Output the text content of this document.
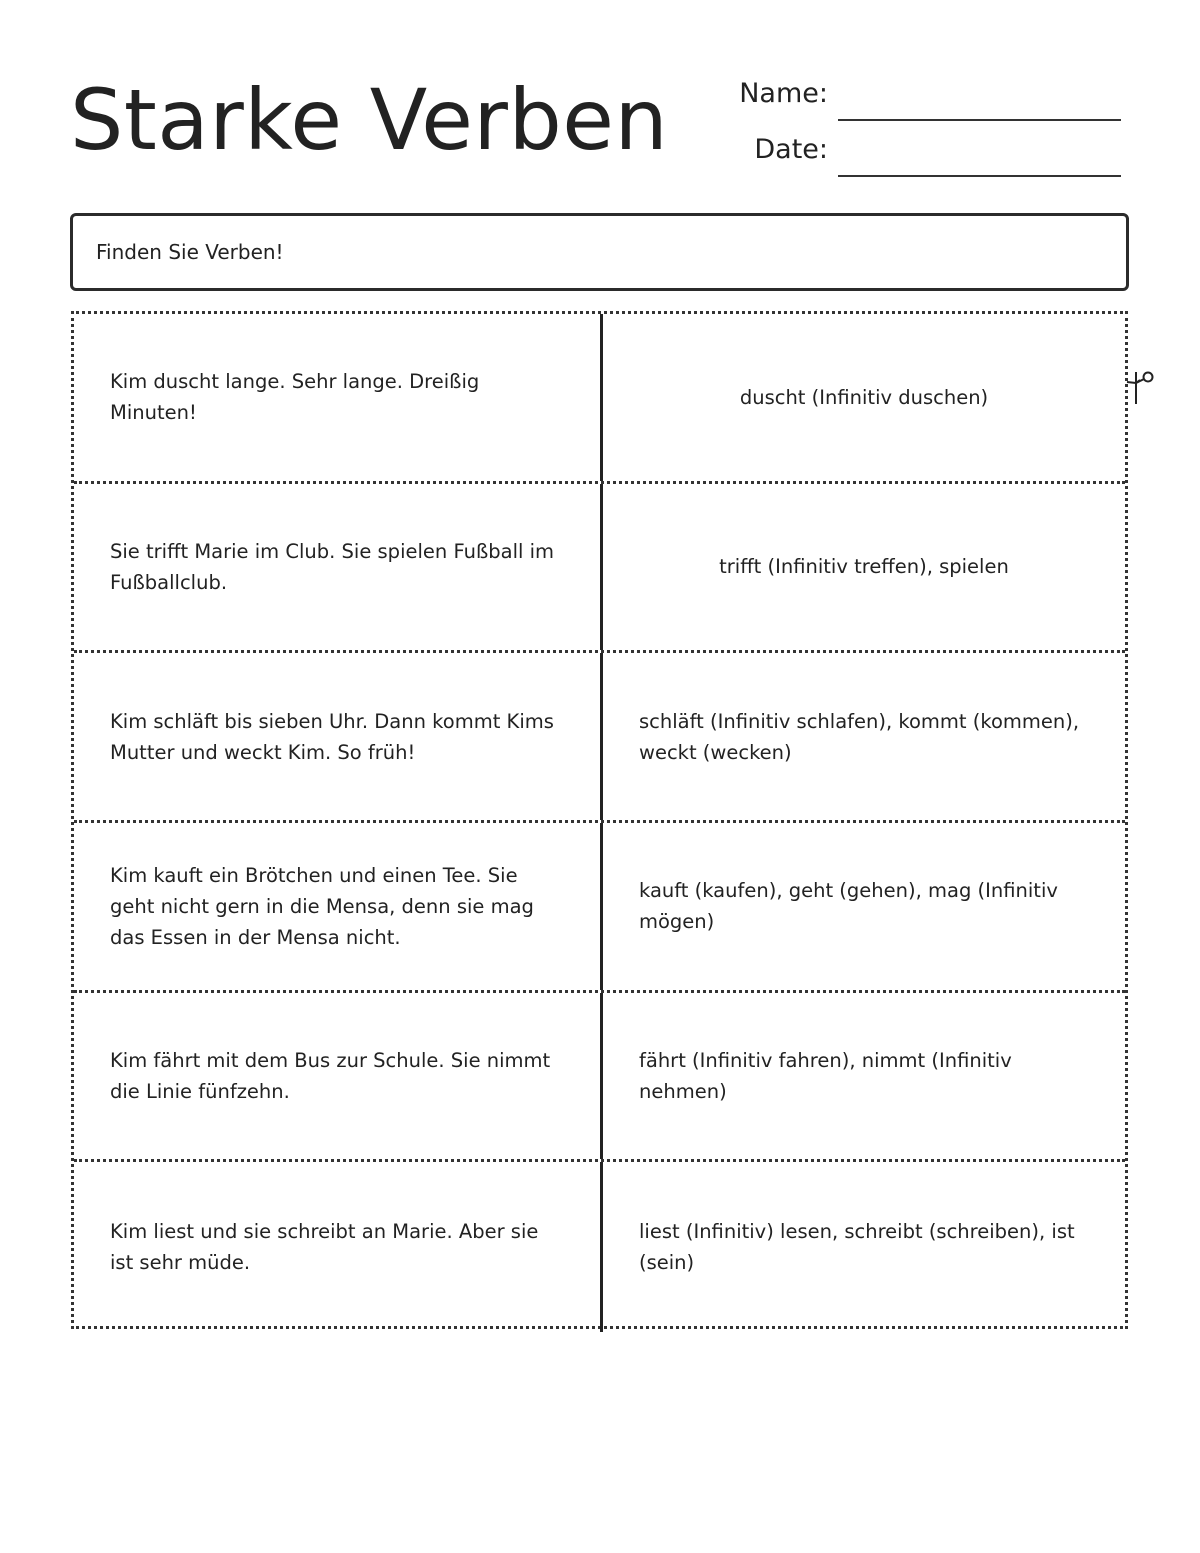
Starke Verben	Name:
Date:
Finden Sie Verben!
Kim duscht lange. Sehr lange. Dreißig Minuten!
duscht (Infinitiv duschen)
Sie trifft Marie im Club. Sie spielen Fußball im Fußballclub.
trifft (Infinitiv treffen), spielen
Kim schläft bis sieben Uhr. Dann kommt Kims Mutter und weckt Kim. So früh!
schläft (Infinitiv schlafen), kommt (kommen), weckt (wecken)
Kim kauft ein Brötchen und einen Tee. Sie geht nicht gern in die Mensa, denn sie mag das Essen in der Mensa nicht.
kauft (kaufen), geht (gehen), mag (Infinitiv mögen)
Kim fährt mit dem Bus zur Schule. Sie nimmt die Linie fünfzehn.
fährt (Infinitiv fahren), nimmt (Infinitiv nehmen)
Kim liest und sie schreibt an Marie. Aber sie ist sehr müde.
liest (Infinitiv) lesen, schreibt (schreiben), ist (sein)
